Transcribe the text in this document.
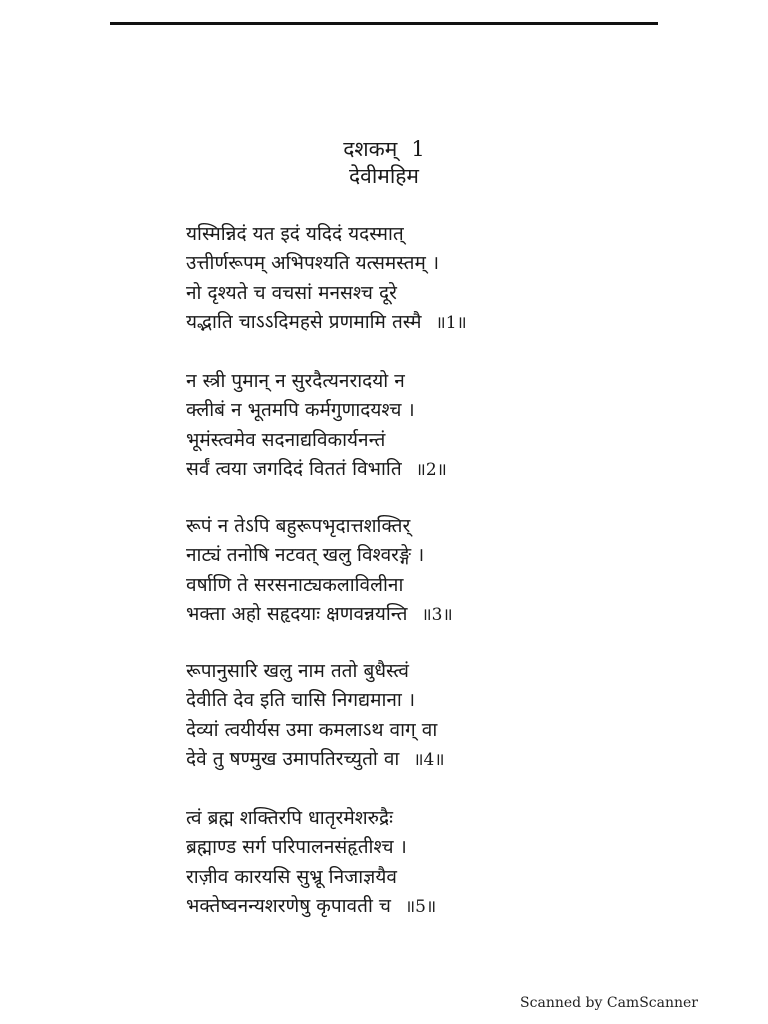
दशकम् 1
देवीमहिम
यस्मिन्निदं यत इदं यदिदं यदस्मात्
उत्तीर्णरूपम् अभिपश्यति यत्समस्तम् ।
नो दृश्यते च वचसां मनसश्च दूरे
यद्भाति चाऽऽदिमहसे प्रणमामि तस्मै ॥1॥
न स्त्री पुमान् न सुरदैत्यनरादयो न
क्लीबं न भूतमपि कर्मगुणादयश्च ।
भूमंस्त्वमेव सदनाद्यविकार्यनन्तं
सर्वं त्वया जगदिदं विततं विभाति ॥2॥
रूपं न तेऽपि बहुरूपभृदात्तशक्तिर्
नाट्यं तनोषि नटवत् खलु विश्वरङ्गे ।
वर्षाणि ते सरसनाट्यकलाविलीना
भक्ता अहो सहृदयाः क्षणवन्नयन्ति ॥3॥
रूपानुसारि खलु नाम ततो बुधैस्त्वं
देवीति देव इति चासि निगद्यमाना ।
देव्यां त्वयीर्यस उमा कमलाऽथ वाग् वा
देवे तु षण्मुख उमापतिरच्युतो वा ॥4॥
त्वं ब्रह्म शक्तिरपि धातृरमेशरुद्रैः
ब्रह्माण्ड सर्ग परिपालनसंहृतीश्च ।
राज़ीव कारयसि सुभ्रू निजाज्ञयैव
भक्तेष्वनन्यशरणेषु कृपावती च ॥5॥
Scanned by CamScanner
